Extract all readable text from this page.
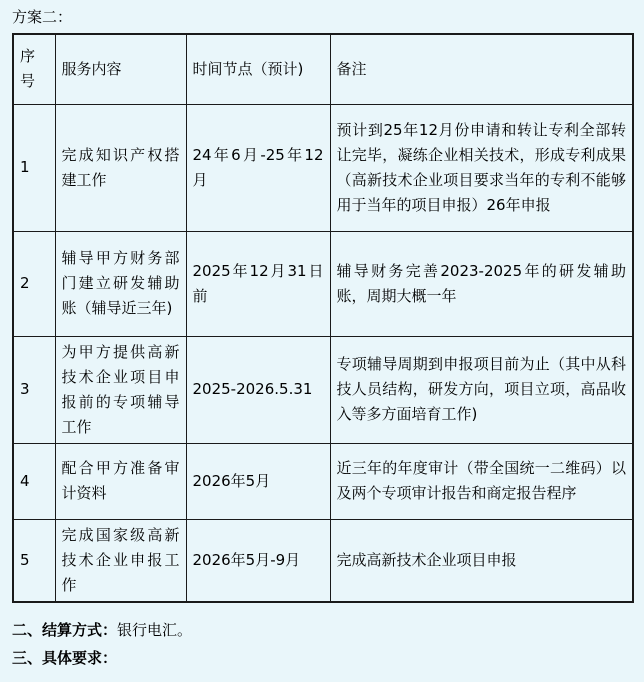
方案二：
序号	服务内容	时间节点（预计)	备注
1	完成知识产权搭建工作	24年6月-25年12月	预计到25年12月份申请和转让专利全部转让完毕，凝练企业相关技术，形成专利成果（高新技术企业项目要求当年的专利不能够用于当年的项目申报）26年申报
2	辅导甲方财务部门建立研发辅助账（辅导近三年)	2025年12月31日前	辅导财务完善2023-2025年的研发辅助账，周期大概一年
3	为甲方提供高新技术企业项目申报前的专项辅导工作	2025-2026.5.31	专项辅导周期到申报项目前为止（其中从科技人员结构，研发方向，项目立项，高品收入等多方面培育工作)
4	配合甲方准备审计资料	2026年5月	近三年的年度审计（带全国统一二维码）以及两个专项审计报告和商定报告程序
5	完成国家级高新技术企业申报工作	2026年5月-9月	完成高新技术企业项目申报
二、结算方式：银行电汇。
三、具体要求：
